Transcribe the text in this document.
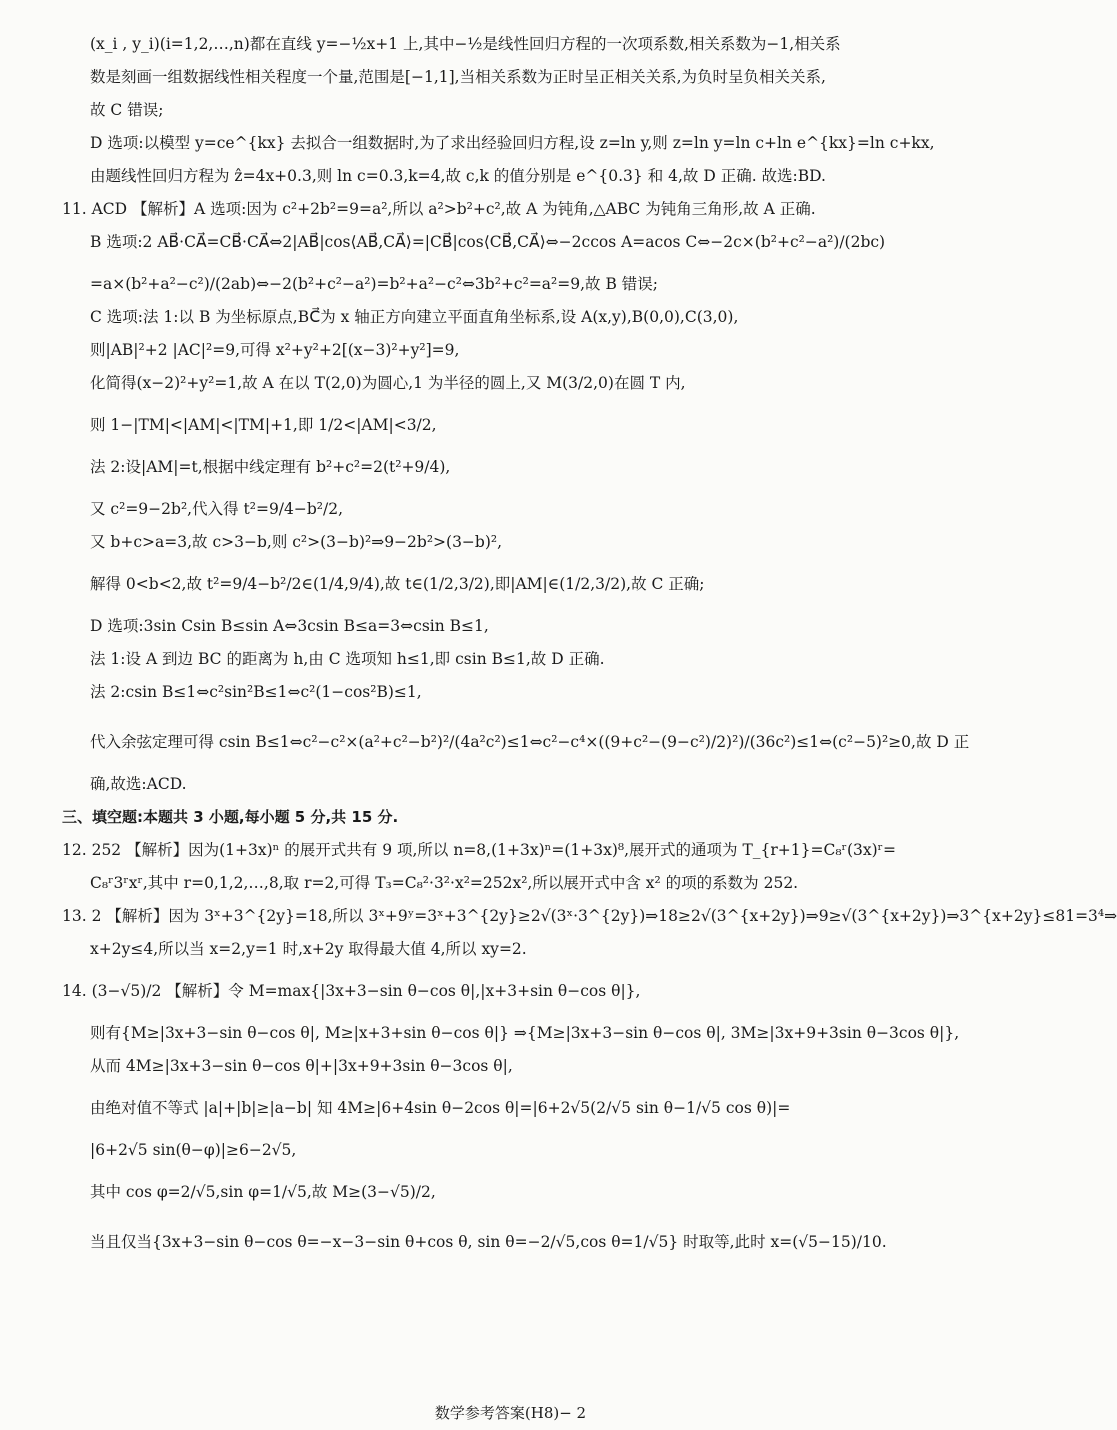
(x_i , y_i)(i=1,2,…,n)都在直线 y=−½x+1 上,其中−½是线性回归方程的一次项系数,相关系数为−1,相关系
数是刻画一组数据线性相关程度一个量,范围是[−1,1],当相关系数为正时呈正相关关系,为负时呈负相关关系,
故 C 错误;
D 选项:以模型 y=ce^{kx} 去拟合一组数据时,为了求出经验回归方程,设 z=ln y,则 z=ln y=ln c+ln e^{kx}=ln c+kx,
由题线性回归方程为 ẑ=4x+0.3,则 ln c=0.3,k=4,故 c,k 的值分别是 e^{0.3} 和 4,故 D 正确. 故选:BD.
11. ACD 【解析】A 选项:因为 c²+2b²=9=a²,所以 a²>b²+c²,故 A 为钝角,△ABC 为钝角三角形,故 A 正确.
B 选项:2 AB⃗·CA⃗=CB⃗·CA⃗⇔2|AB⃗|cos⟨AB⃗,CA⃗⟩=|CB⃗|cos⟨CB⃗,CA⃗⟩⇔−2ccos A=acos C⇔−2c×(b²+c²−a²)/(2bc)
=a×(b²+a²−c²)/(2ab)⇔−2(b²+c²−a²)=b²+a²−c²⇔3b²+c²=a²=9,故 B 错误;
C 选项:法 1:以 B 为坐标原点,BC⃗为 x 轴正方向建立平面直角坐标系,设 A(x,y),B(0,0),C(3,0),
则|AB|²+2 |AC|²=9,可得 x²+y²+2[(x−3)²+y²]=9,
化简得(x−2)²+y²=1,故 A 在以 T(2,0)为圆心,1 为半径的圆上,又 M(3/2,0)在圆 T 内,
则 1−|TM|<|AM|<|TM|+1,即 1/2<|AM|<3/2,
法 2:设|AM|=t,根据中线定理有 b²+c²=2(t²+9/4),
又 c²=9−2b²,代入得 t²=9/4−b²/2,
又 b+c>a=3,故 c>3−b,则 c²>(3−b)²⇒9−2b²>(3−b)²,
解得 0<b<2,故 t²=9/4−b²/2∈(1/4,9/4),故 t∈(1/2,3/2),即|AM|∈(1/2,3/2),故 C 正确;
D 选项:3sin Csin B≤sin A⇔3csin B≤a=3⇔csin B≤1,
法 1:设 A 到边 BC 的距离为 h,由 C 选项知 h≤1,即 csin B≤1,故 D 正确.
法 2:csin B≤1⇔c²sin²B≤1⇔c²(1−cos²B)≤1,
代入余弦定理可得 csin B≤1⇔c²−c²×(a²+c²−b²)²/(4a²c²)≤1⇔c²−c⁴×((9+c²−(9−c²)/2)²)/(36c²)≤1⇔(c²−5)²≥0,故 D 正
确,故选:ACD.
三、填空题:本题共 3 小题,每小题 5 分,共 15 分.
12. 252 【解析】因为(1+3x)ⁿ 的展开式共有 9 项,所以 n=8,(1+3x)ⁿ=(1+3x)⁸,展开式的通项为 T_{r+1}=C₈ʳ(3x)ʳ=
C₈ʳ3ʳxʳ,其中 r=0,1,2,…,8,取 r=2,可得 T₃=C₈²·3²·x²=252x²,所以展开式中含 x² 的项的系数为 252.
13. 2 【解析】因为 3ˣ+3^{2y}=18,所以 3ˣ+9ʸ=3ˣ+3^{2y}≥2√(3ˣ·3^{2y})⇒18≥2√(3^{x+2y})⇒9≥√(3^{x+2y})⇒3^{x+2y}≤81=3⁴⇒
x+2y≤4,所以当 x=2,y=1 时,x+2y 取得最大值 4,所以 xy=2.
14. (3−√5)/2 【解析】令 M=max{|3x+3−sin θ−cos θ|,|x+3+sin θ−cos θ|},
则有{M≥|3x+3−sin θ−cos θ|, M≥|x+3+sin θ−cos θ|} ⇒{M≥|3x+3−sin θ−cos θ|, 3M≥|3x+9+3sin θ−3cos θ|},
从而 4M≥|3x+3−sin θ−cos θ|+|3x+9+3sin θ−3cos θ|,
由绝对值不等式 |a|+|b|≥|a−b| 知 4M≥|6+4sin θ−2cos θ|=|6+2√5(2/√5 sin θ−1/√5 cos θ)|=
|6+2√5 sin(θ−φ)|≥6−2√5,
其中 cos φ=2/√5,sin φ=1/√5,故 M≥(3−√5)/2,
当且仅当{3x+3−sin θ−cos θ=−x−3−sin θ+cos θ, sin θ=−2/√5,cos θ=1/√5} 时取等,此时 x=(√5−15)/10.
数学参考答案(H8)− 2
